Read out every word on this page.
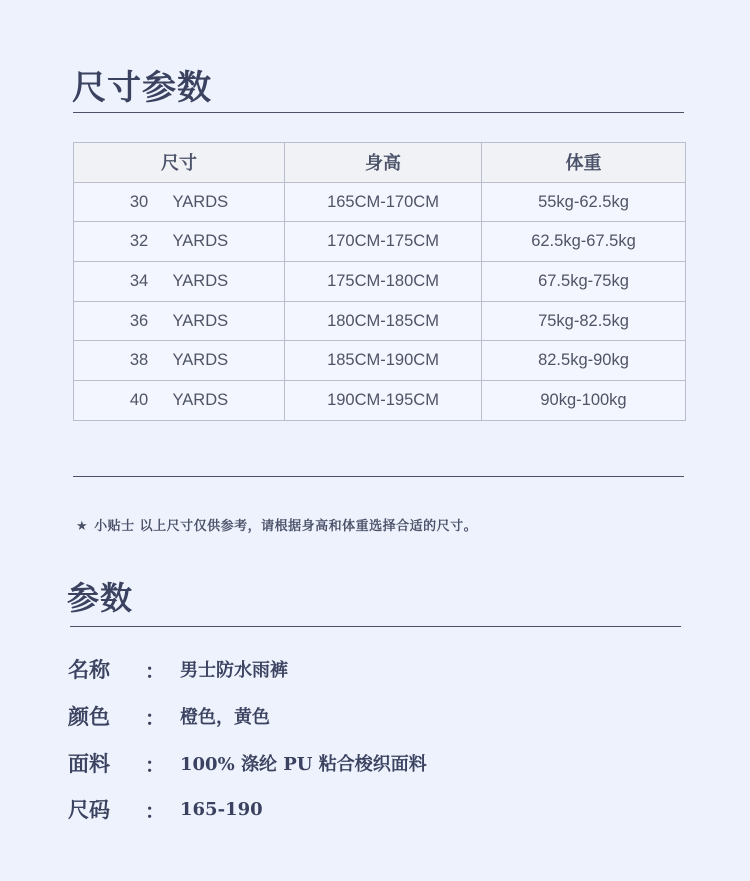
尺寸参数
尺寸	身高	体重
30 YARDS	165CM-170CM	55kg-62.5kg
32 YARDS	170CM-175CM	62.5kg-67.5kg
34 YARDS	175CM-180CM	67.5kg-75kg
36 YARDS	180CM-185CM	75kg-82.5kg
38 YARDS	185CM-190CM	82.5kg-90kg
40 YARDS	190CM-195CM	90kg-100kg
★ 小贴士 以上尺寸仅供参考，请根据身高和体重选择合适的尺寸。
参数
名称	： 男士防水雨裤
颜色	： 橙色，黄色
面料	： 100% 涤纶 PU 粘合梭织面料
尺码	： 165-190
